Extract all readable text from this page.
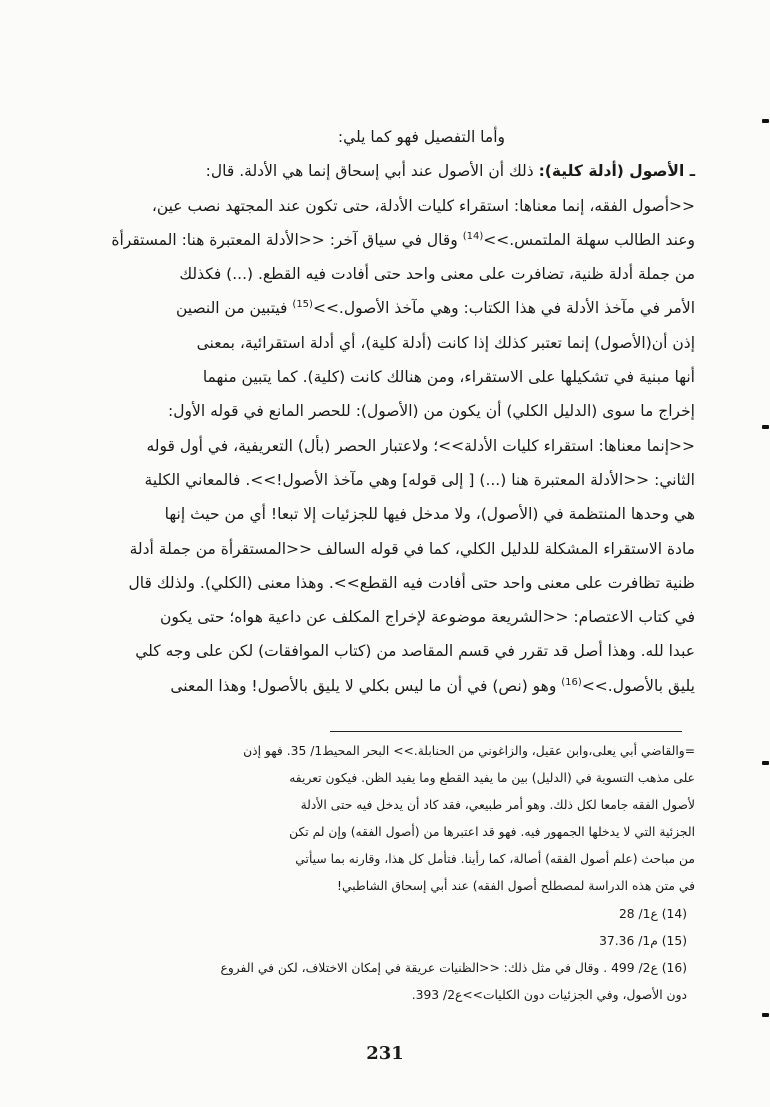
وأما التفصيل فهو كما يلي:

ـ الأصول (أدلة كلية): ذلك أن الأصول عند أبي إسحاق إنما هي الأدلة. قال:

<<أصول الفقه، إنما معناها: استقراء كليات الأدلة، حتى تكون عند المجتهد نصب عين،

وعند الطالب سهلة الملتمس.>>$^{(14)}$ وقال في سياق آخر: <<الأدلة المعتبرة هنا: المستقرأة

من جملة أدلة ظنية، تضافرت على معنى واحد حتى أفادت فيه القطع. (...) فكذلك

الأمر في مآخذ الأدلة في هذا الكتاب: وهي مآخذ الأصول.>>$^{(15)}$ فيتبين من النصين

إذن أن(الأصول) إنما تعتبر كذلك إذا كانت (أدلة كلية)، أي أدلة استقرائية، بمعنى

أنها مبنية في تشكيلها على الاستقراء، ومن هنالك كانت (كلية). كما يتبين منهما

إخراج ما سوى (الدليل الكلي) أن يكون من (الأصول): للحصر المانع في قوله الأول:

<<إنما معناها: استقراء كليات الأدلة>>؛ ولاعتبار الحصر (بأل) التعريفية، في أول قوله

الثاني: <<الأدلة المعتبرة هنا (...) [ إلى قوله] وهي مآخذ الأصول!>>. فالمعاني الكلية

هي وحدها المنتظمة في (الأصول)، ولا مدخل فيها للجزئيات إلا تبعا! أي من حيث إنها

مادة الاستقراء المشكلة للدليل الكلي، كما في قوله السالف <<المستقرأة من جملة أدلة

ظنية تظافرت على معنى واحد حتى أفادت فيه القطع>>. وهذا معنى (الكلي). ولذلك قال

في كتاب الاعتصام: <<الشريعة موضوعة لإخراج المكلف عن داعية هواه؛ حتى يكون

عبدا لله. وهذا أصل قد تقرر في قسم المقاصد من (كتاب الموافقات) لكن على وجه كلي

يليق بالأصول.>>$^{(16)}$ وهو (نص) في أن ما ليس بكلي لا يليق بالأصول! وهذا المعنى

=والقاضي أبي يعلى،وابن عقيل، والزاغوني من الحنابلة.>> البحر المحيط1/ 35. فهو إذن

على مذهب التسوية في (الدليل) بين ما يفيد القطع وما يفيد الظن. فيكون تعريفه

لأصول الفقه جامعا لكل ذلك. وهو أمر طبيعي، فقد كاد أن يدخل فيه حتى الأدلة

الجزئية التي لا يدخلها الجمهور فيه. فهو قد اعتبرها من (أصول الفقه) وإن لم تكن

من مباحث (علم أصول الفقه) أصالة، كما رأينا. فتأمل كل هذا، وقارنه بما سيأتي

في متن هذه الدراسة لمصطلح أصول الفقه) عند أبي إسحاق الشاطبي!

(14) ع1/ 28

(15) م1/ 37.36

(16) ع2/ 499 . وقال في مثل ذلك: <<الظنيات عريقة في إمكان الاختلاف، لكن في الفروع

دون الأصول، وفي الجزئيات دون الكليات>>ع2/ 393.

231
